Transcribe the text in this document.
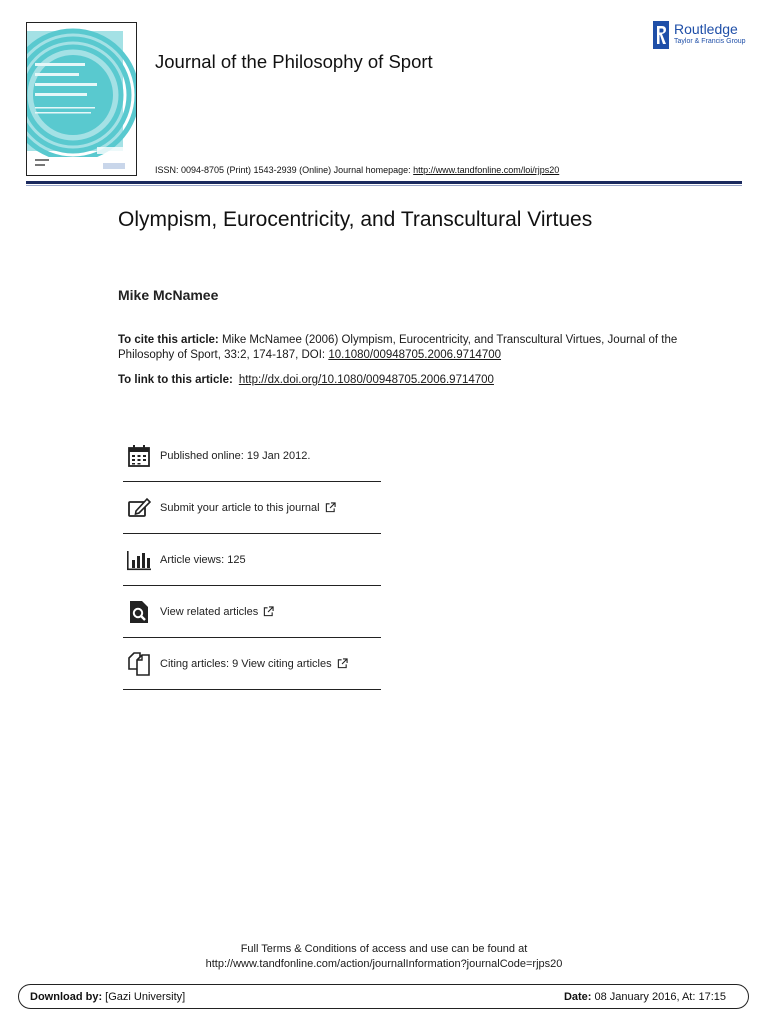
Journal of the Philosophy of Sport
Routledge
Taylor & Francis Group
ISSN: 0094-8705 (Print) 1543-2939 (Online) Journal homepage: http://www.tandfonline.com/loi/rjps20
Olympism, Eurocentricity, and Transcultural Virtues
Mike McNamee
To cite this article: Mike McNamee (2006) Olympism, Eurocentricity, and Transcultural Virtues, Journal of the Philosophy of Sport, 33:2, 174-187, DOI: 10.1080/00948705.2006.9714700
To link to this article: http://dx.doi.org/10.1080/00948705.2006.9714700
Published online: 19 Jan 2012.
Submit your article to this journal
Article views: 125
View related articles
Citing articles: 9 View citing articles
Full Terms & Conditions of access and use can be found at
http://www.tandfonline.com/action/journalInformation?journalCode=rjps20
Download by: [Gazi University]	Date: 08 January 2016, At: 17:15
